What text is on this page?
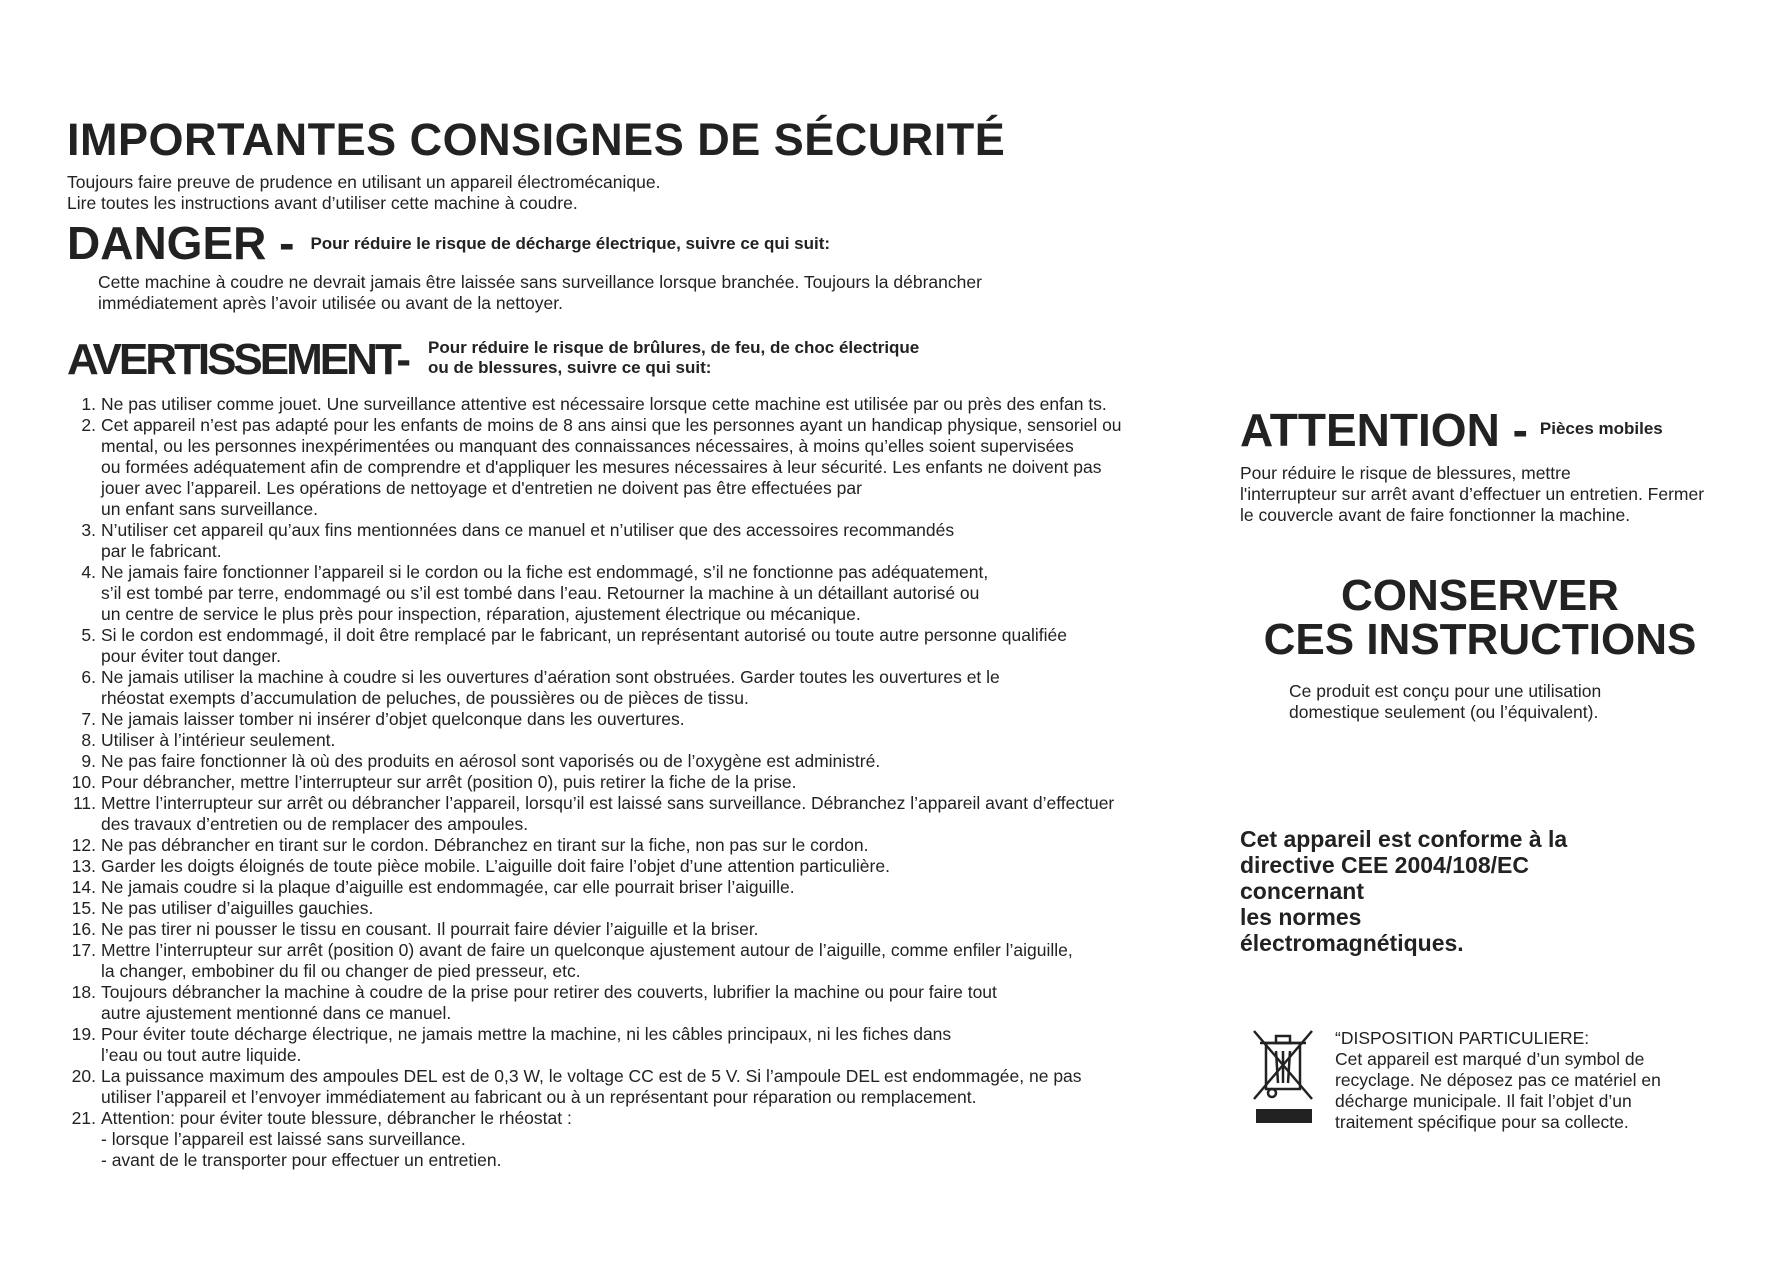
IMPORTANTES CONSIGNES DE SÉCURITÉ
Toujours faire preuve de prudence en utilisant un appareil électromécanique.
Lire toutes les instructions avant d’utiliser cette machine à coudre.
DANGER - Pour réduire le risque de décharge électrique, suivre ce qui suit:
Cette machine à coudre ne devrait jamais être laissée sans surveillance lorsque branchée. Toujours la débrancher
immédiatement après l’avoir utilisée ou avant de la nettoyer.
AVERTISSEMENT- Pour réduire le risque de brûlures, de feu, de choc électrique
ou de blessures, suivre ce qui suit:
1. Ne pas utiliser comme jouet. Une surveillance attentive est nécessaire lorsque cette machine est utilisée par ou près des enfan ts.
2. Cet appareil n’est pas adapté pour les enfants de moins de 8 ans ainsi que les personnes ayant un handicap physique, sensoriel ou
mental, ou les personnes inexpérimentées ou manquant des connaissances nécessaires, à moins qu’elles soient supervisées
ou formées adéquatement afin de comprendre et d'appliquer les mesures nécessaires à leur sécurité. Les enfants ne doivent pas
jouer avec l’appareil. Les opérations de nettoyage et d'entretien ne doivent pas être effectuées par
un enfant sans surveillance.
3. N’utiliser cet appareil qu’aux fins mentionnées dans ce manuel et n’utiliser que des accessoires recommandés
par le fabricant.
4. Ne jamais faire fonctionner l’appareil si le cordon ou la fiche est endommagé, s’il ne fonctionne pas adéquatement,
s’il est tombé par terre, endommagé ou s’il est tombé dans l’eau. Retourner la machine à un détaillant autorisé ou
un centre de service le plus près pour inspection, réparation, ajustement électrique ou mécanique.
5. Si le cordon est endommagé, il doit être remplacé par le fabricant, un représentant autorisé ou toute autre personne qualifiée
pour éviter tout danger.
6. Ne jamais utiliser la machine à coudre si les ouvertures d’aération sont obstruées. Garder toutes les ouvertures et le
rhéostat exempts d’accumulation de peluches, de poussières ou de pièces de tissu.
7. Ne jamais laisser tomber ni insérer d’objet quelconque dans les ouvertures.
8. Utiliser à l’intérieur seulement.
9. Ne pas faire fonctionner là où des produits en aérosol sont vaporisés ou de l’oxygène est administré.
10. Pour débrancher, mettre l’interrupteur sur arrêt (position 0), puis retirer la fiche de la prise.
11. Mettre l’interrupteur sur arrêt ou débrancher l’appareil, lorsqu’il est laissé sans surveillance. Débranchez l’appareil avant d’effectuer
des travaux d’entretien ou de remplacer des ampoules.
12. Ne pas débrancher en tirant sur le cordon. Débranchez en tirant sur la fiche, non pas sur le cordon.
13. Garder les doigts éloignés de toute pièce mobile. L’aiguille doit faire l’objet d’une attention particulière.
14. Ne jamais coudre si la plaque d’aiguille est endommagée, car elle pourrait briser l’aiguille.
15. Ne pas utiliser d’aiguilles gauchies.
16. Ne pas tirer ni pousser le tissu en cousant. Il pourrait faire dévier l’aiguille et la briser.
17. Mettre l’interrupteur sur arrêt (position 0) avant de faire un quelconque ajustement autour de l’aiguille, comme enfiler l’aiguille,
la changer, embobiner du fil ou changer de pied presseur, etc.
18. Toujours débrancher la machine à coudre de la prise pour retirer des couverts, lubrifier la machine ou pour faire tout
autre ajustement mentionné dans ce manuel.
19. Pour éviter toute décharge électrique, ne jamais mettre la machine, ni les câbles principaux, ni les fiches dans
l’eau ou tout autre liquide.
20. La puissance maximum des ampoules DEL est de 0,3 W, le voltage CC est de 5 V. Si l’ampoule DEL est endommagée, ne pas
utiliser l’appareil et l’envoyer immédiatement au fabricant ou à un représentant pour réparation ou remplacement.
21. Attention: pour éviter toute blessure, débrancher le rhéostat :
- lorsque l’appareil est laissé sans surveillance.
- avant de le transporter pour effectuer un entretien.
ATTENTION - Pièces mobiles
Pour réduire le risque de blessures, mettre
l'interrupteur sur arrêt avant d’effectuer un entretien. Fermer
le couvercle avant de faire fonctionner la machine.
CONSERVER
CES INSTRUCTIONS
Ce produit est conçu pour une utilisation
domestique seulement (ou l’équivalent).
Cet appareil est conforme à la
directive CEE 2004/108/EC
concernant
les normes
électromagnétiques.
“DISPOSITION PARTICULIERE:
Cet appareil est marqué d’un symbol de
recyclage. Ne déposez pas ce matériel en
décharge municipale. Il fait l’objet d’un
traitement spécifique pour sa collecte.
